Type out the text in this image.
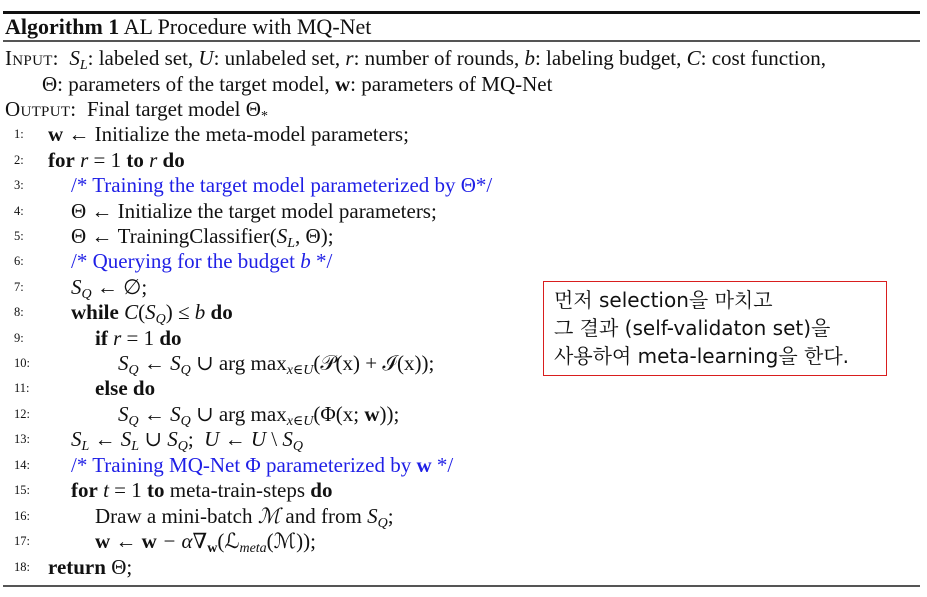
Algorithm 1 AL Procedure with MQ-Net
Input: $S_L$: labeled set, U: unlabeled set, r: number of rounds, b: labeling budget, C: cost function,
Θ: parameters of the target model, w: parameters of MQ-Net
Output: Final target model $\Theta_*$
1:	w ← Initialize the meta-model parameters;
2:	for r = 1 to r do
3:	/* Training the target model parameterized by Θ*/
4:	Θ ← Initialize the target model parameters;
5:	Θ ← $TrainingClassifier(S_L$, Θ);
6:	/* Querying for the budget b */
7:	$S_Q$ ← ∅;
8:	while $C(S_Q) \le b$ do
9:	if r = 1 do
10:	$S_Q$ ← $S_Q$ ∪ arg $\max_{x\in U}(𝒫(x)$ + ℐ(x));
11:	else do
12:	$S_Q$ ← $S_Q$ ∪ arg $\max_{x\in U}(\Phi(x$; w));
13:	$S_L$ ← $S_L$ ∪ $S_Q$; U ← U \ $S_Q$
14:	/* Training MQ-Net Φ parameterized by w */
15:	for t = 1 to meta-train-steps do
16:	Draw a mini-batch ℳ and from $S_Q$;
17:	w ← $w - \alpha\nabla_w(ℒ_{meta}(ℳ))$;
18: return Θ;
먼저 selection을 마치고
그 결과 (self-validaton set)을
사용하여 meta-learning을 한다.
